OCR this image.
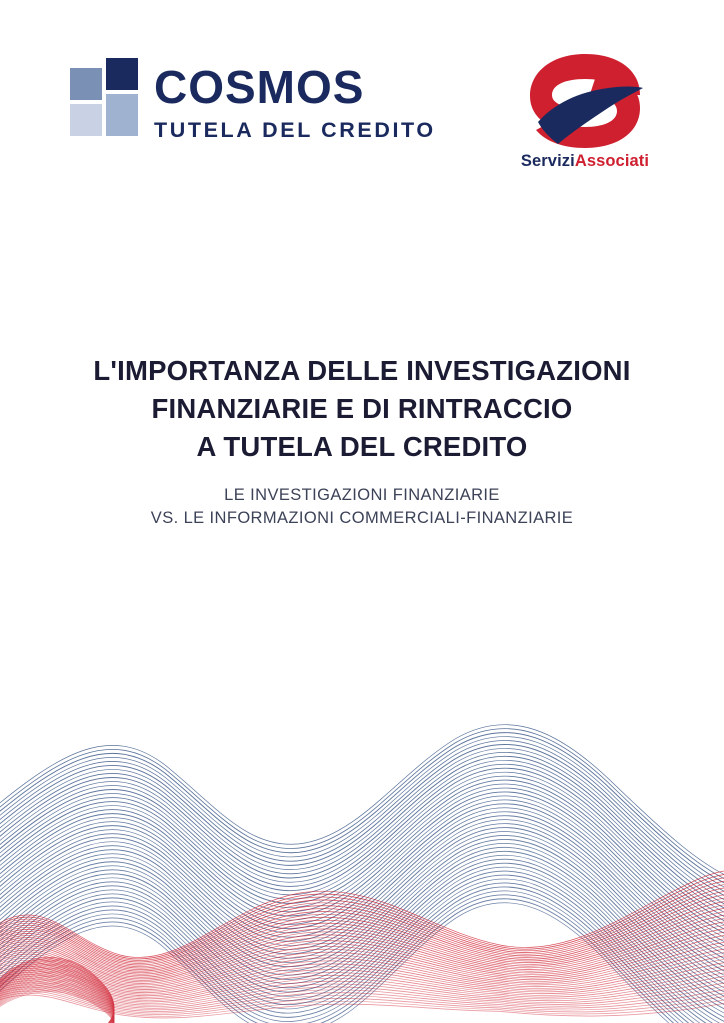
COSMOS
TUTELA DEL CREDITO
ServiziAssociati
L'IMPORTANZA DELLE INVESTIGAZIONI
FINANZIARIE E DI RINTRACCIO
A TUTELA DEL CREDITO
LE INVESTIGAZIONI FINANZIARIE
VS. LE INFORMAZIONI COMMERCIALI-FINANZIARIE
